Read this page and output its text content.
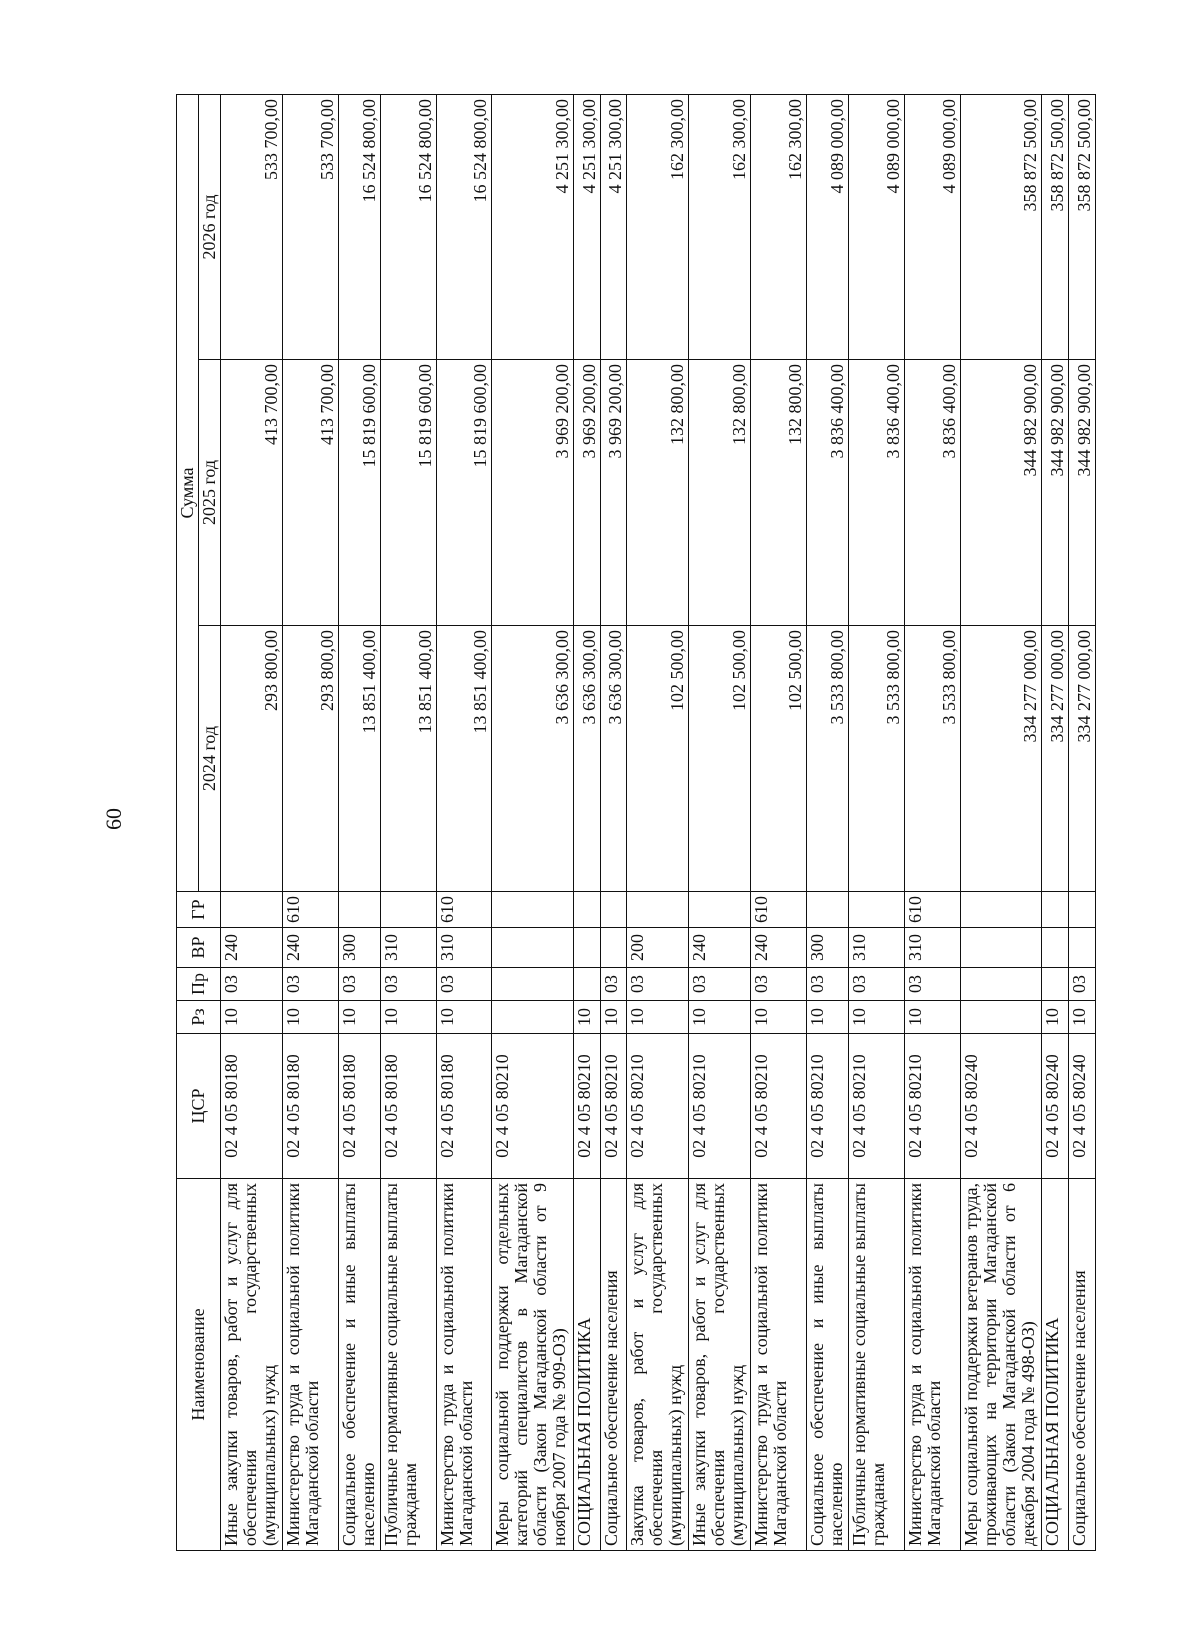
60
Наименование	ЦСР	Рз	Пр	ВР	ГР	Сумма		
						2024 год	2025 год	2026 год
Иные закупки товаров, работ и услуг для обеспечения государственных (муниципальных) нужд	02 4 05 80180	10	03	240		293 800,00	413 700,00	533 700,00
Министерство труда и социальной политики Магаданской области	02 4 05 80180	10	03	240	610	293 800,00	413 700,00	533 700,00
Социальное обеспечение и иные выплаты населению	02 4 05 80180	10	03	300		13 851 400,00	15 819 600,00	16 524 800,00
Публичные нормативные социальные выплаты гражданам	02 4 05 80180	10	03	310		13 851 400,00	15 819 600,00	16 524 800,00
Министерство труда и социальной политики Магаданской области	02 4 05 80180	10	03	310	610	13 851 400,00	15 819 600,00	16 524 800,00
Меры социальной поддержки отдельных категорий специалистов в Магаданской области (Закон Магаданской области от 9 ноября 2007 года № 909-ОЗ)	02 4 05 80210					3 636 300,00	3 969 200,00	4 251 300,00
СОЦИАЛЬНАЯ ПОЛИТИКА	02 4 05 80210	10				3 636 300,00	3 969 200,00	4 251 300,00
Социальное обеспечение населения	02 4 05 80210	10	03			3 636 300,00	3 969 200,00	4 251 300,00
Закупка товаров, работ и услуг для обеспечения государственных (муниципальных) нужд	02 4 05 80210	10	03	200		102 500,00	132 800,00	162 300,00
Иные закупки товаров, работ и услуг для обеспечения государственных (муниципальных) нужд	02 4 05 80210	10	03	240		102 500,00	132 800,00	162 300,00
Министерство труда и социальной политики Магаданской области	02 4 05 80210	10	03	240	610	102 500,00	132 800,00	162 300,00
Социальное обеспечение и иные выплаты населению	02 4 05 80210	10	03	300		3 533 800,00	3 836 400,00	4 089 000,00
Публичные нормативные социальные выплаты гражданам	02 4 05 80210	10	03	310		3 533 800,00	3 836 400,00	4 089 000,00
Министерство труда и социальной политики Магаданской области	02 4 05 80210	10	03	310	610	3 533 800,00	3 836 400,00	4 089 000,00
Меры социальной поддержки ветеранов труда, проживающих на территории Магаданской области (Закон Магаданской области от 6 декабря 2004 года № 498-ОЗ)	02 4 05 80240					334 277 000,00	344 982 900,00	358 872 500,00
СОЦИАЛЬНАЯ ПОЛИТИКА	02 4 05 80240	10				334 277 000,00	344 982 900,00	358 872 500,00
Социальное обеспечение населения	02 4 05 80240	10	03			334 277 000,00	344 982 900,00	358 872 500,00
